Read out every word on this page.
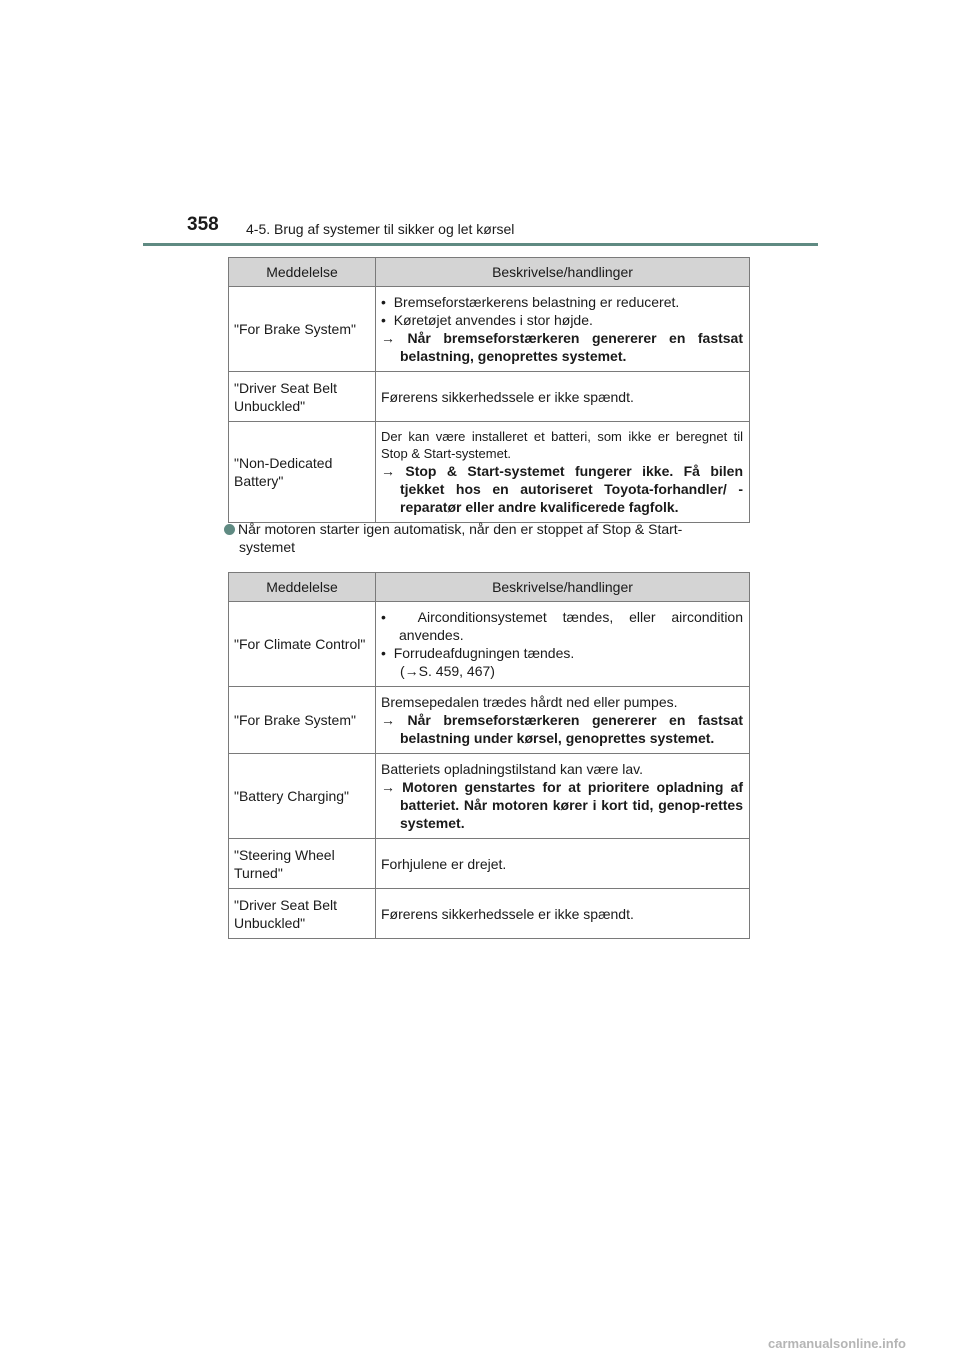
358 4-5. Brug af systemer til sikker og let kørsel
Meddelelse	Beskrivelse/handlinger
"For Brake System"	• Bremseforstærkerens belastning er reduceret.
• Køretøjet anvendes i stor højde.
→ Når bremseforstærkeren genererer en fastsat belastning, genoprettes systemet.

"Driver Seat Belt Unbuckled"	Førerens sikkerhedssele er ikke spændt.
"Non-Dedicated Battery"	Der kan være installeret et batteri, som ikke er beregnet til Stop & Start-systemet.
→ Stop & Start-systemet fungerer ikke. Få bilen tjekket hos en autoriseret Toyota-forhandler/ -reparatør eller andre kvalificerede fagfolk.
Når motoren starter igen automatisk, når den er stoppet af Stop & Start-
systemet
Meddelelse	Beskrivelse/handlinger
"For Climate Control"	• Airconditionsystemet tændes, eller aircondition anvendes.
• Forrudeafdugningen tændes.
(→S. 459, 467)

"For Brake System"	Bremsepedalen trædes hårdt ned eller pumpes.
→ Når bremseforstærkeren genererer en fastsat belastning under kørsel, genoprettes systemet.

"Battery Charging"	Batteriets opladningstilstand kan være lav.
→ Motoren genstartes for at prioritere opladning af batteriet. Når motoren kører i kort tid, genop-rettes systemet.

"Steering Wheel Turned"	Forhjulene er drejet.
"Driver Seat Belt Unbuckled"	Førerens sikkerhedssele er ikke spændt.
carmanualsonline.info
